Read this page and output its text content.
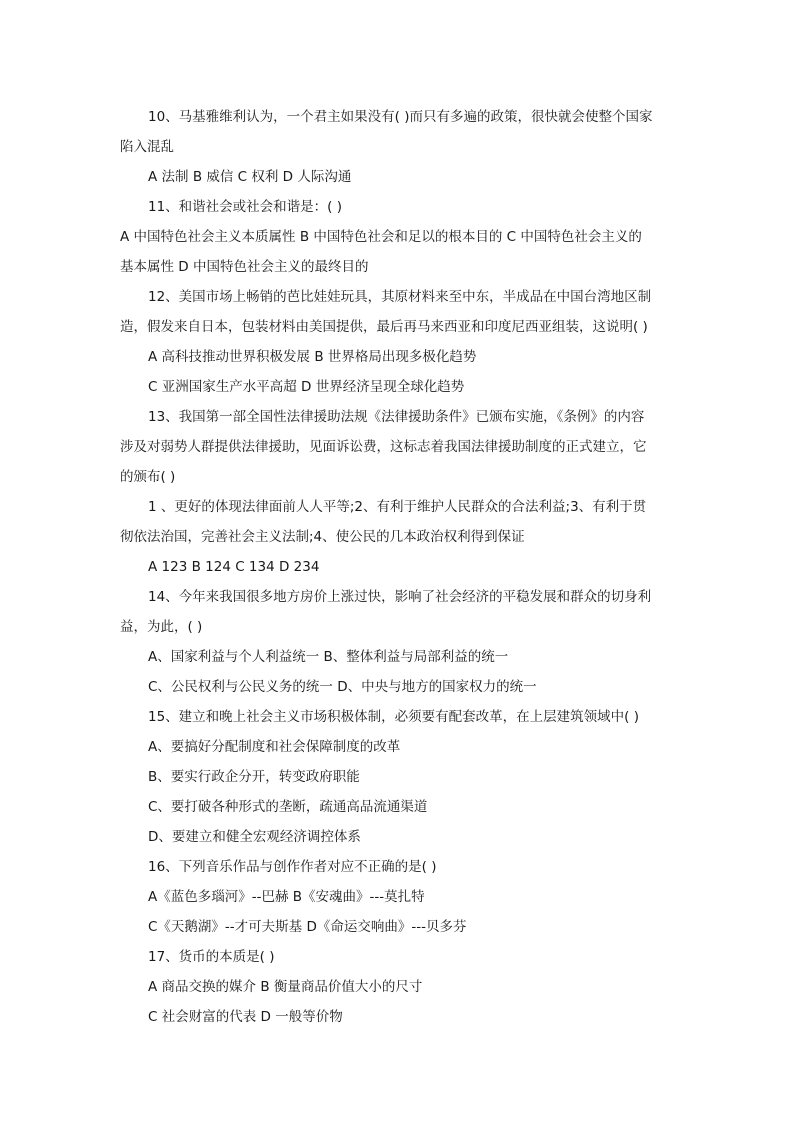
10、马基雅维利认为，一个君主如果没有( )而只有多遍的政策，很快就会使整个国家
陷入混乱
A 法制 B 威信 C 权利 D 人际沟通
11、和谐社会或社会和谐是：( )
A 中国特色社会主义本质属性 B 中国特色社会和足以的根本目的 C 中国特色社会主义的
基本属性 D 中国特色社会主义的最终目的
12、美国市场上畅销的芭比娃娃玩具，其原材料来至中东，半成品在中国台湾地区制
造，假发来自日本，包装材料由美国提供，最后再马来西亚和印度尼西亚组装，这说明( )
A 高科技推动世界积极发展 B 世界格局出现多极化趋势
C 亚洲国家生产水平高超 D 世界经济呈现全球化趋势
13、我国第一部全国性法律援助法规《法律援助条件》已颁布实施，《条例》的内容
涉及对弱势人群提供法律援助，见面诉讼费，这标志着我国法律援助制度的正式建立，它
的颁布( )
1 、更好的体现法律面前人人平等;2、有利于维护人民群众的合法利益;3、有利于贯
彻依法治国，完善社会主义法制;4、使公民的几本政治权利得到保证
A 123 B 124 C 134 D 234
14、今年来我国很多地方房价上涨过快，影响了社会经济的平稳发展和群众的切身利
益，为此，( )
A、国家利益与个人利益统一 B、整体利益与局部利益的统一
C、公民权利与公民义务的统一 D、中央与地方的国家权力的统一
15、建立和晚上社会主义市场积极体制，必须要有配套改革，在上层建筑领域中( )
A、要搞好分配制度和社会保障制度的改革
B、要实行政企分开，转变政府职能
C、要打破各种形式的垄断，疏通高品流通渠道
D、要建立和健全宏观经济调控体系
16、下列音乐作品与创作作者对应不正确的是( )
A《蓝色多瑙河》--巴赫 B《安魂曲》---莫扎特
C《天鹅湖》--才可夫斯基 D《命运交响曲》---贝多芬
17、货币的本质是( )
A 商品交换的媒介 B 衡量商品价值大小的尺寸
C 社会财富的代表 D 一般等价物
